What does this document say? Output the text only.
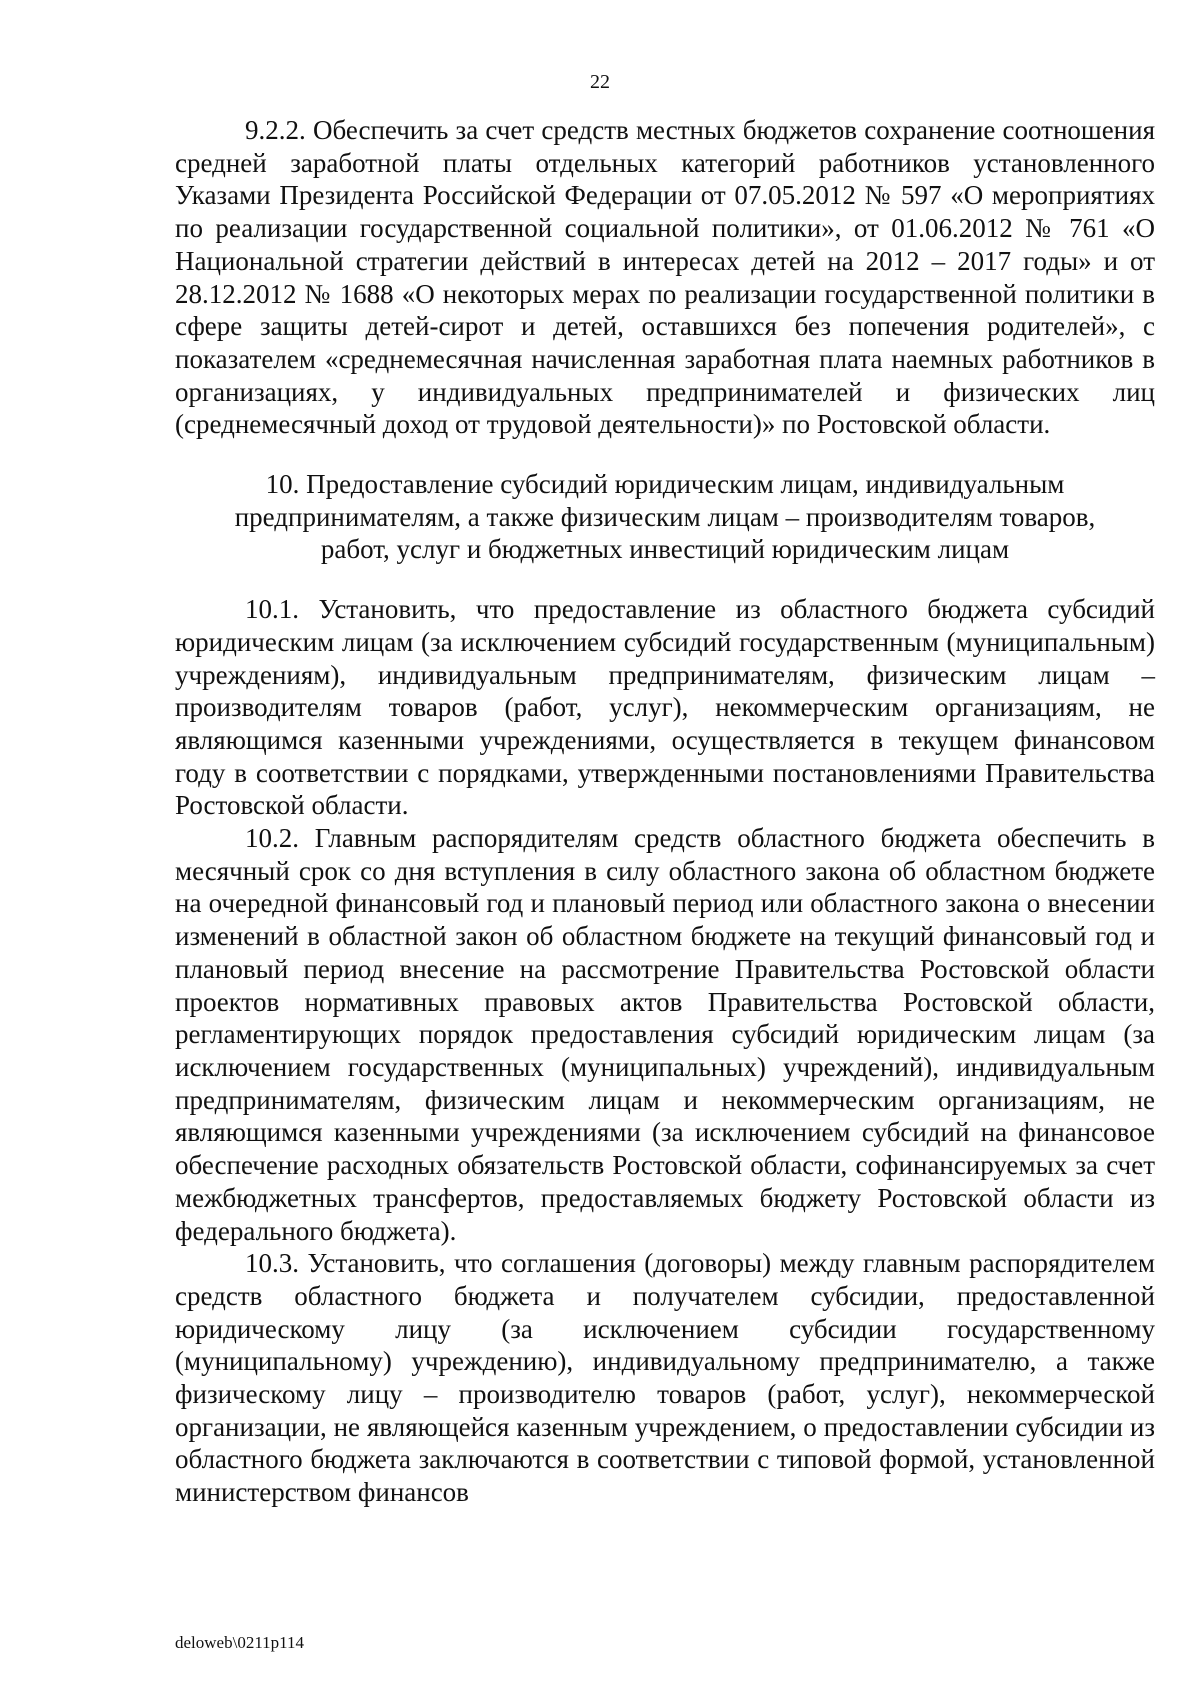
22

9.2.2. Обеспечить за счет средств местных бюджетов сохранение соотношения средней заработной платы отдельных категорий работников установленного Указами Президента Российской Федерации от 07.05.2012 № 597 «О мероприятиях по реализации государственной социальной политики», от 01.06.2012 № 761 «О Национальной стратегии действий в интересах детей на 2012 – 2017 годы» и от 28.12.2012 № 1688 «О некоторых мерах по реализации государственной политики в сфере защиты детей-сирот и детей, оставшихся без попечения родителей», с показателем «среднемесячная начисленная заработная плата наемных работников в организациях, у индивидуальных предпринимателей и физических лиц (среднемесячный доход от трудовой деятельности)» по Ростовской области.

10. Предоставление субсидий юридическим лицам, индивидуальным предпринимателям, а также физическим лицам – производителям товаров, работ, услуг и бюджетных инвестиций юридическим лицам

10.1. Установить, что предоставление из областного бюджета субсидий юридическим лицам (за исключением субсидий государственным (муниципальным) учреждениям), индивидуальным предпринимателям, физическим лицам – производителям товаров (работ, услуг), некоммерческим организациям, не являющимся казенными учреждениями, осуществляется в текущем финансовом году в соответствии с порядками, утвержденными постановлениями Правительства Ростовской области.

10.2. Главным распорядителям средств областного бюджета обеспечить в месячный срок со дня вступления в силу областного закона об областном бюджете на очередной финансовый год и плановый период или областного закона о внесении изменений в областной закон об областном бюджете на текущий финансовый год и плановый период внесение на рассмотрение Правительства Ростовской области проектов нормативных правовых актов Правительства Ростовской области, регламентирующих порядок предоставления субсидий юридическим лицам (за исключением государственных (муниципальных) учреждений), индивидуальным предпринимателям, физическим лицам и некоммерческим организациям, не являющимся казенными учреждениями (за исключением субсидий на финансовое обеспечение расходных обязательств Ростовской области, софинансируемых за счет межбюджетных трансфертов, предоставляемых бюджету Ростовской области из федерального бюджета).

10.3. Установить, что соглашения (договоры) между главным распорядителем средств областного бюджета и получателем субсидии, предоставленной юридическому лицу (за исключением субсидии государственному (муниципальному) учреждению), индивидуальному предпринимателю, а также физическому лицу – производителю товаров (работ, услуг), некоммерческой организации, не являющейся казенным учреждением, о предоставлении субсидии из областного бюджета заключаются в соответствии с типовой формой, установленной министерством финансов

deloweb\0211p114
